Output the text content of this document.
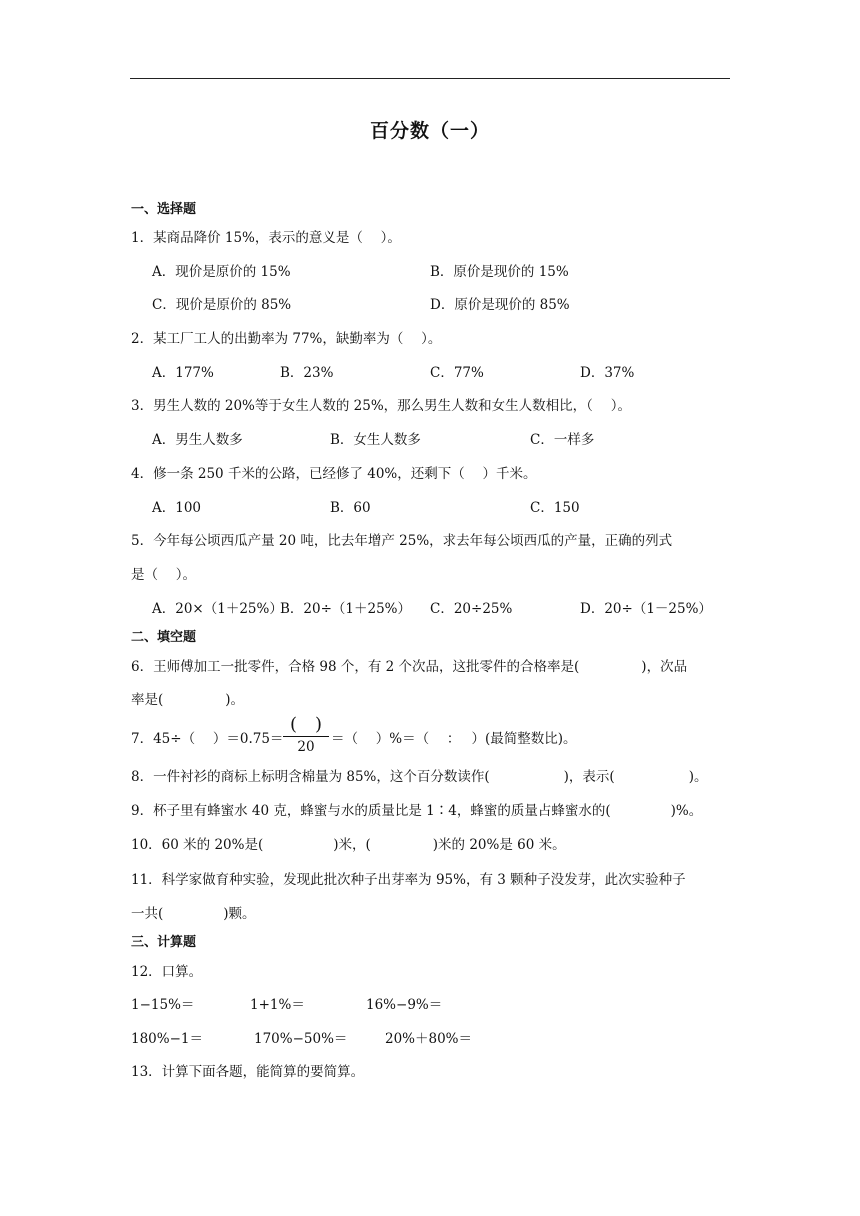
百分数（一）
一、选择题
1．某商品降价 15%，表示的意义是（　 ）。
A．现价是原价的 15%	B．原价是现价的 15%
C．现价是原价的 85%	D．原价是现价的 85%
2．某工厂工人的出勤率为 77%，缺勤率为（　 ）。
A．177%	B．23%	C．77%	D．37%
3．男生人数的 20%等于女生人数的 25%，那么男生人数和女生人数相比，（　 ）。
A．男生人数多	B．女生人数多	C．一样多
4．修一条 250 千米的公路，已经修了 40%，还剩下（　 ）千米。
A．100	B．60	C．150
5．今年每公顷西瓜产量 20 吨，比去年增产 25%，求去年每公顷西瓜的产量，正确的列式
是（　 ）。
A．20×（1＋25%）
B．20÷（1＋25%） C．20÷25%	D．20÷（1－25%）
二、填空题
6．王师傅加工一批零件，合格 98 个，有 2 个次品，这批零件的合格率是(	)，次品
率是(	)。
7．45÷（　 ）＝0.75＝
(　)
20	＝（　 ）%＝（　 ：　 ）(最简整数比)。
8．一件衬衫的商标上标明含棉量为 85%，这个百分数读作(	)，表示(	)。
9．杯子里有蜂蜜水 40 克，蜂蜜与水的质量比是 1∶4，蜂蜜的质量占蜂蜜水的(	)%。
10．60 米的 20%是(	)米，(	)米的 20%是 60 米。
11．科学家做育种实验，发现此批次种子出芽率为 95%，有 3 颗种子没发芽，此次实验种子
一共(	)颗。
三、计算题
12．口算。
1−15%＝	1+1%＝	16%−9%＝
180%−1＝	170%−50%＝	20%＋80%＝
13．计算下面各题，能简算的要简算。
